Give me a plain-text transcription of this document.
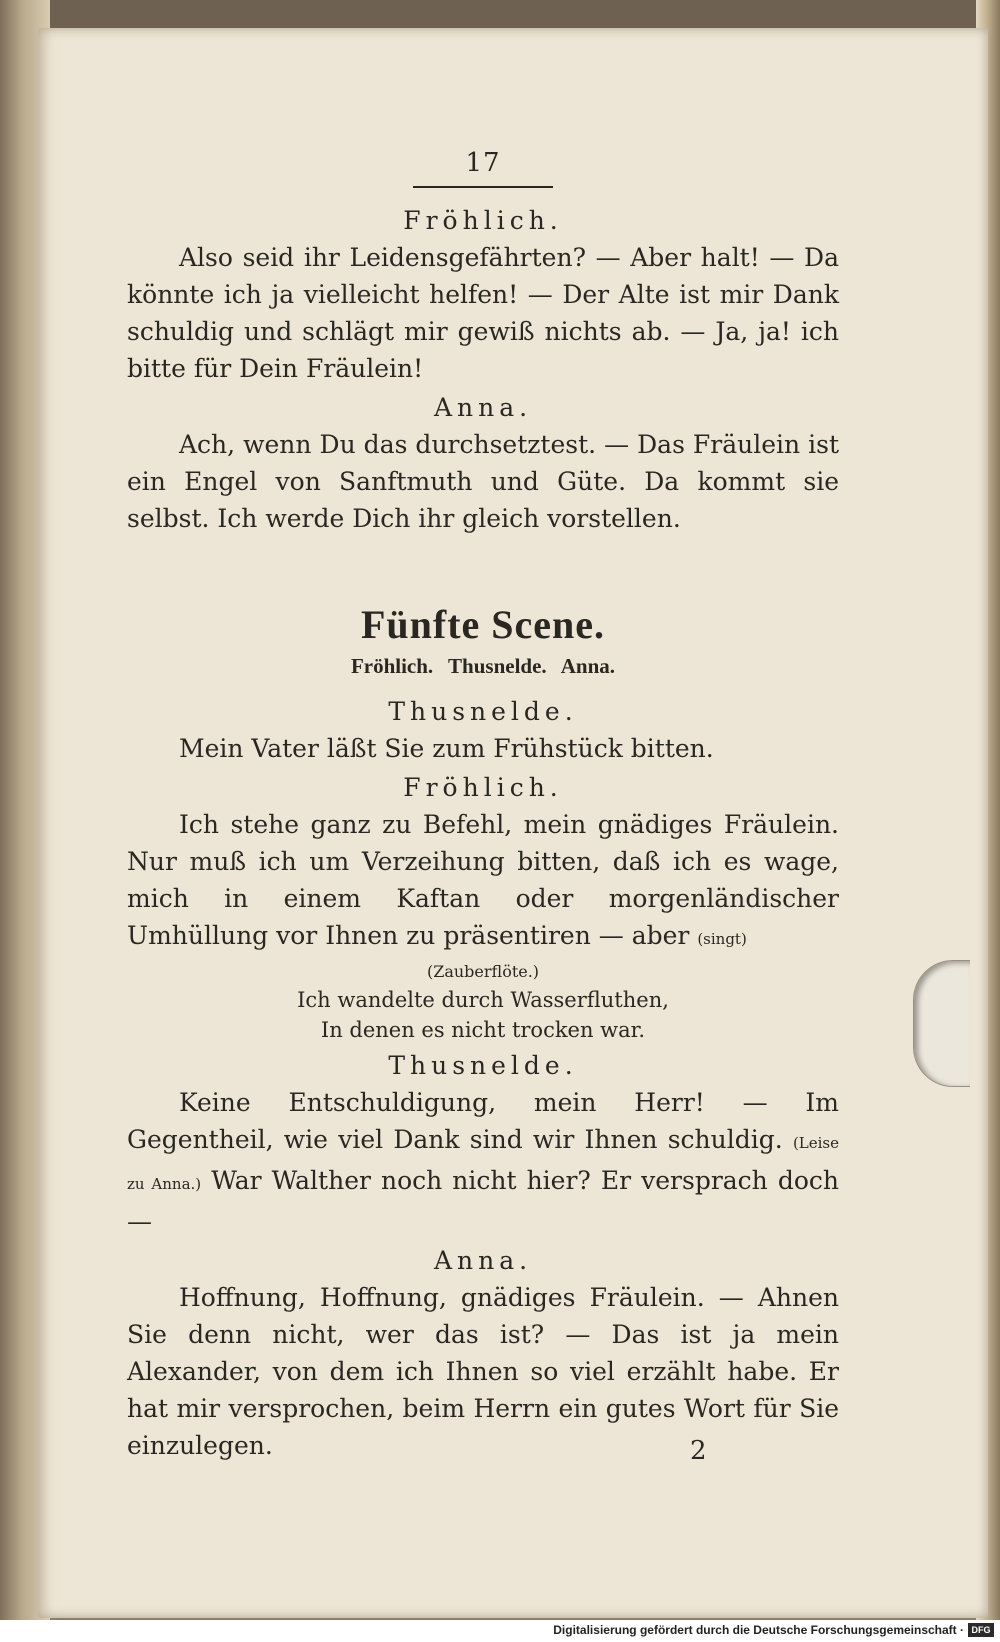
17
Fröhlich.

Also seid ihr Leidensgefährten? — Aber halt! — Da könnte ich ja vielleicht helfen! — Der Alte ist mir Dank schuldig und schlägt mir gewiß nichts ab. — Ja, ja! ich bitte für Dein Fräulein!

Anna.

Ach, wenn Du das durchsetztest. — Das Fräulein ist ein Engel von Sanftmuth und Güte. Da kommt sie selbst. Ich werde Dich ihr gleich vorstellen.

Fünfte Scene.
Fröhlich. Thusnelde. Anna.
Thusnelde.

Mein Vater läßt Sie zum Frühstück bitten.

Fröhlich.

Ich stehe ganz zu Befehl, mein gnädiges Fräulein. Nur muß ich um Verzeihung bitten, daß ich es wage, mich in einem Kaftan oder morgenländischer Umhüllung vor Ihnen zu präsentiren — aber (singt)

(Zauberflöte.)

Ich wandelte durch Wasserfluthen,

In denen es nicht trocken war.

Thusnelde.

Keine Entschuldigung, mein Herr! — Im Gegentheil, wie viel Dank sind wir Ihnen schuldig. (Leise zu Anna.) War Walther noch nicht hier? Er versprach doch —

Anna.

Hoffnung, Hoffnung, gnädiges Fräulein. — Ahnen Sie denn nicht, wer das ist? — Das ist ja mein Alexander, von dem ich Ihnen so viel erzählt habe. Er hat mir versprochen, beim Herrn ein gutes Wort für Sie einzulegen.	2
Digitalisierung gefördert durch die Deutsche Forschungsgemeinschaft · DFG
